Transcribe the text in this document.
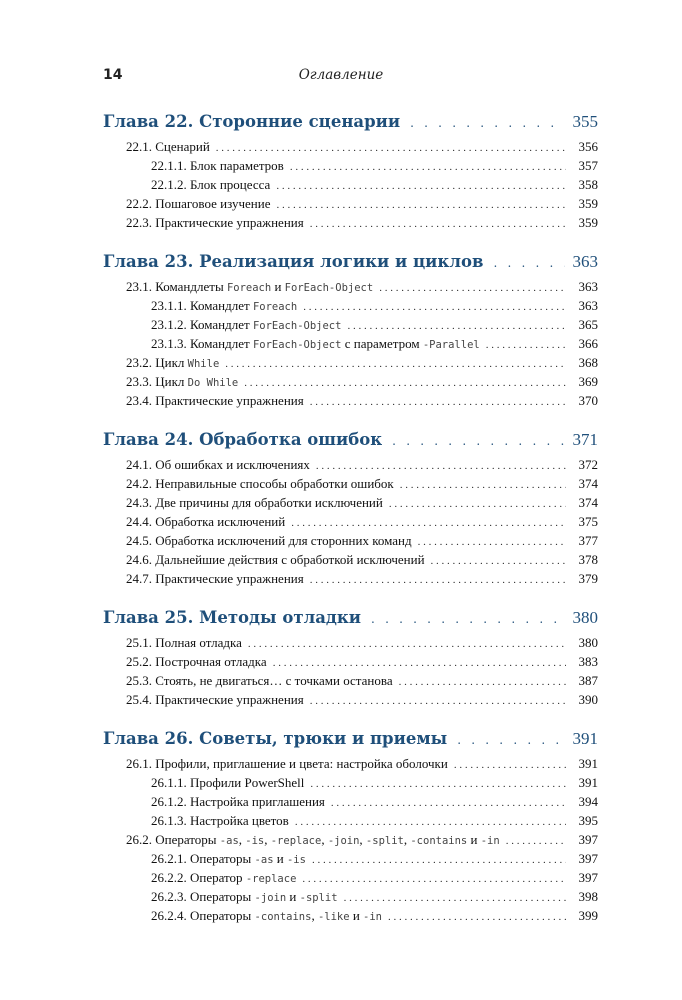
14	Оглавление
Глава 22. Сторонние сценарии . . .	355
22.1. Сценарий . . .	356
22.1.1. Блок параметров . . .	357
22.1.2. Блок процесса . . .	358
22.2. Пошаговое изучение . . .	359
22.3. Практические упражнения . . .	359
Глава 23. Реализация логики и циклов . . .	363
23.1. Командлеты Foreach и ForEach-Object . . .	363
23.1.1. Командлет Foreach . . .	363
23.1.2. Командлет ForEach-Object . . .	365
23.1.3. Командлет ForEach-Object с параметром -Parallel . . .	366
23.2. Цикл While . . .	368
23.3. Цикл Do While . . .	369
23.4. Практические упражнения . . .	370
Глава 24. Обработка ошибок . . .	371
24.1. Об ошибках и исключениях . . .	372
24.2. Неправильные способы обработки ошибок . . .	374
24.3. Две причины для обработки исключений . . .	374
24.4. Обработка исключений . . .	375
24.5. Обработка исключений для сторонних команд . . .	377
24.6. Дальнейшие действия с обработкой исключений . . .	378
24.7. Практические упражнения . . .	379
Глава 25. Методы отладки . . .	380
25.1. Полная отладка . . .	380
25.2. Построчная отладка . . .	383
25.3. Стоять, не двигаться… с точками останова . . .	387
25.4. Практические упражнения . . .	390
Глава 26. Советы, трюки и приемы . . .	391
26.1. Профили, приглашение и цвета: настройка оболочки . . .	391
26.1.1. Профили PowerShell . . .	391
26.1.2. Настройка приглашения . . .	394
26.1.3. Настройка цветов . . .	395
26.2. Операторы -as, -is, -replace, -join, -split, -contains и -in . . .	397
26.2.1. Операторы -as и -is . . .	397
26.2.2. Оператор -replace . . .	397
26.2.3. Операторы -join и -split . . .	398
26.2.4. Операторы -contains, -like и -in . . .	399
